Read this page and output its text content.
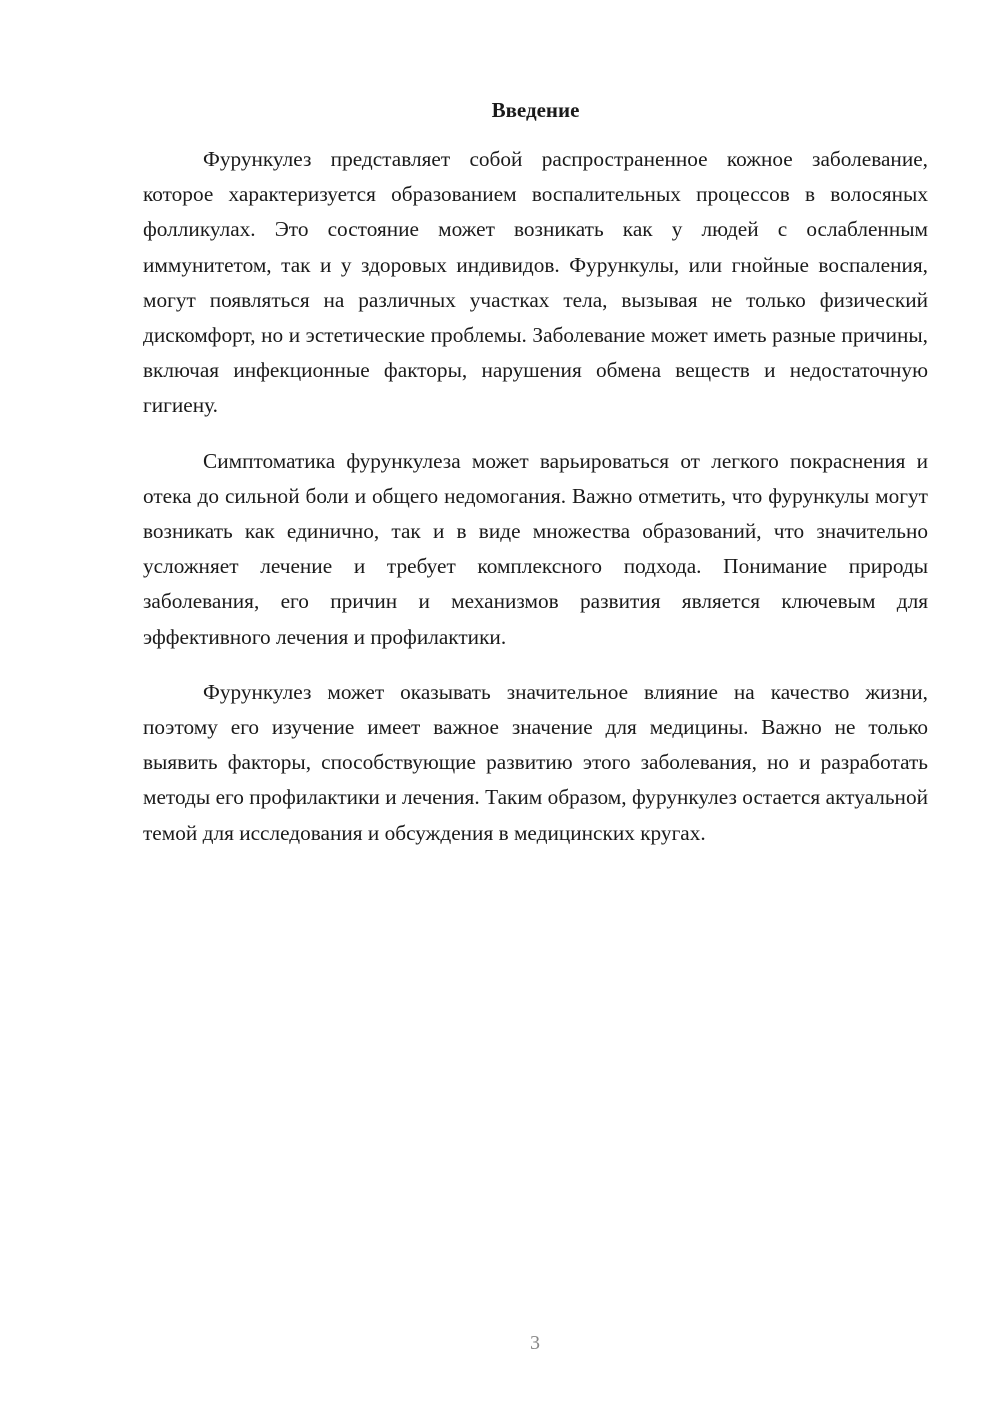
Введение

Фурункулез представляет собой распространенное кожное заболевание, которое характеризуется образованием воспалительных процессов в волосяных фолликулах. Это состояние может возникать как у людей с ослабленным иммунитетом, так и у здоровых индивидов. Фурункулы, или гнойные воспаления, могут появляться на различных участках тела, вызывая не только физический дискомфорт, но и эстетические проблемы. Заболевание может иметь разные причины, включая инфекционные факторы, нарушения обмена веществ и недостаточную гигиену.

Симптоматика фурункулеза может варьироваться от легкого покраснения и отека до сильной боли и общего недомогания. Важно отметить, что фурункулы могут возникать как единично, так и в виде множества образований, что значительно усложняет лечение и требует комплексного подхода. Понимание природы заболевания, его причин и механизмов развития является ключевым для эффективного лечения и профилактики.

Фурункулез может оказывать значительное влияние на качество жизни, поэтому его изучение имеет важное значение для медицины. Важно не только выявить факторы, способствующие развитию этого заболевания, но и разработать методы его профилактики и лечения. Таким образом, фурункулез остается актуальной темой для исследования и обсуждения в медицинских кругах.

3
